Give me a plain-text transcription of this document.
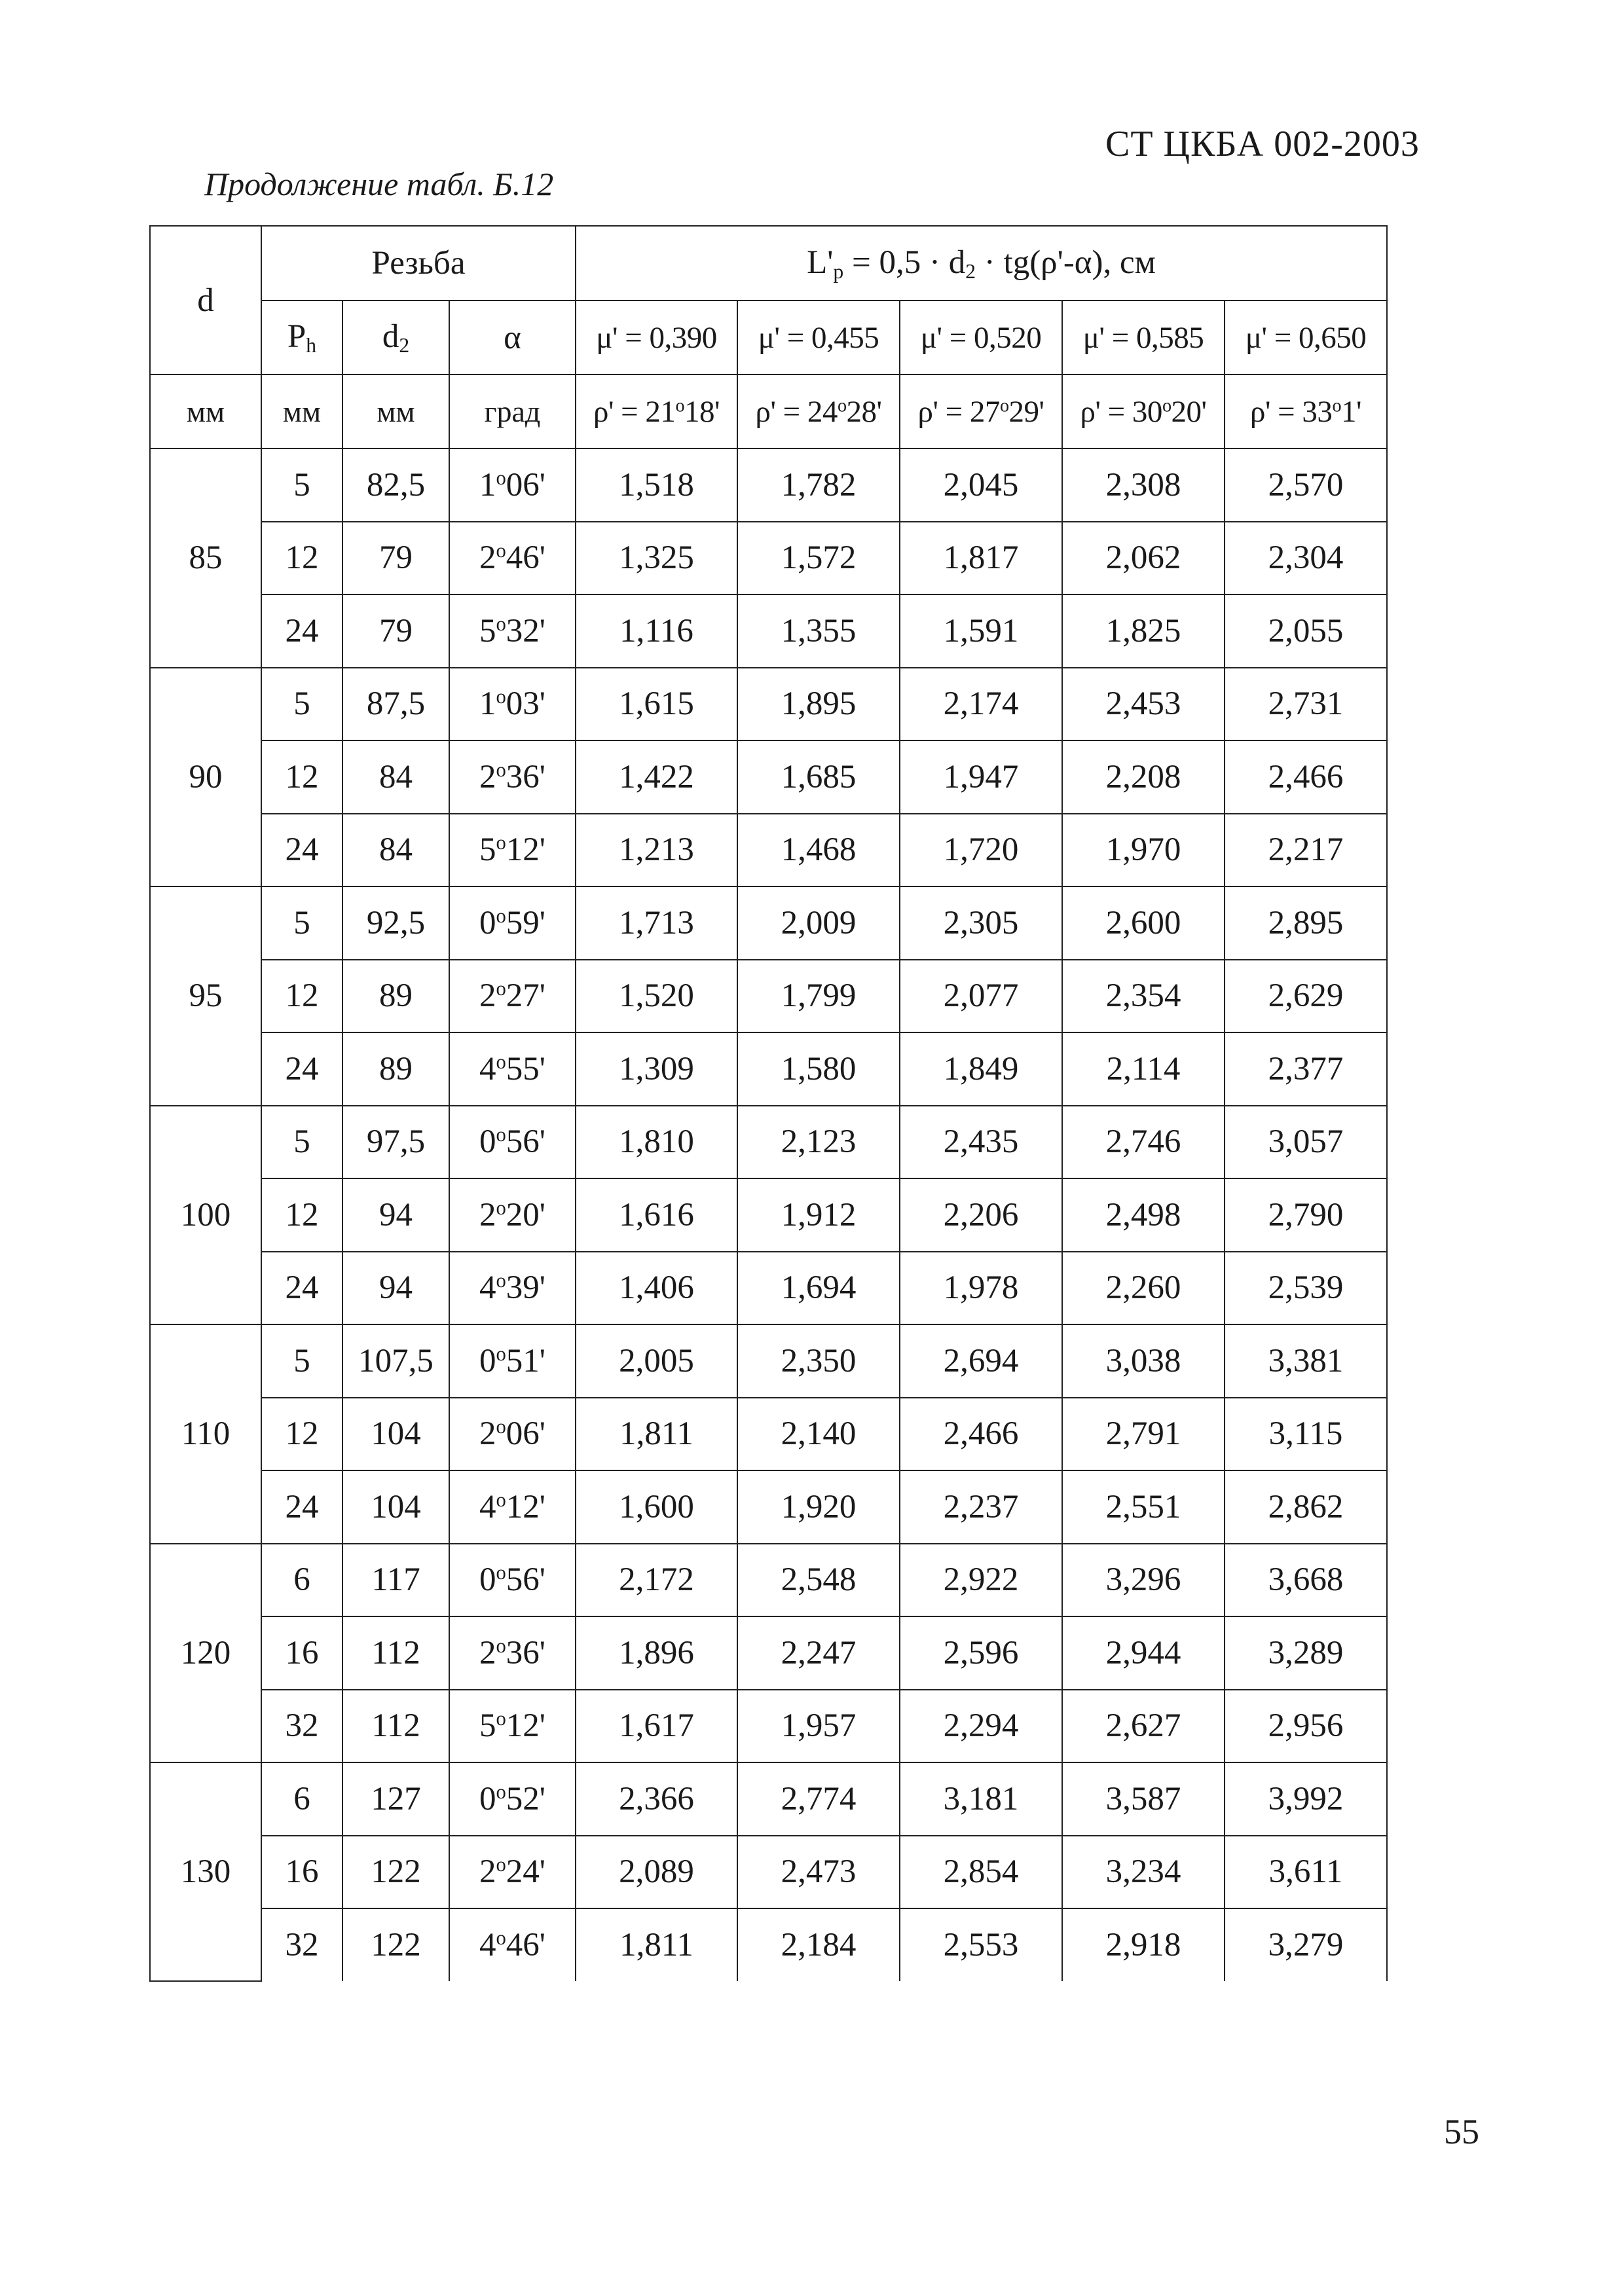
СТ ЦКБА 002-2003
Продолжение табл. Б.12
d	Резьба			$L'_p = 0,5 \cdot d_2 \cdot tg(\rho'-\alpha)$, см				
	$P_h$	$d_2$	α	μ' = 0,390	μ' = 0,455	μ' = 0,520	μ' = 0,585	μ' = 0,650
мм	мм	мм	град	$\rho' = 21^o18'$	$\rho' = 24^o28'$	$\rho' = 27^o29'$	$\rho' = 30^o20'$	$\rho' = 33^o1'$
85	5	82,5	1$^o$06'	1,518	1,782	2,045	2,308	2,570
	12	79	2$^o$46'	1,325	1,572	1,817	2,062	2,304
	24	79	5$^o$32'	1,116	1,355	1,591	1,825	2,055
90	5	87,5	1$^o$03'	1,615	1,895	2,174	2,453	2,731
	12	84	2$^o$36'	1,422	1,685	1,947	2,208	2,466
	24	84	5$^o$12'	1,213	1,468	1,720	1,970	2,217
95	5	92,5	0$^o$59'	1,713	2,009	2,305	2,600	2,895
	12	89	2$^o$27'	1,520	1,799	2,077	2,354	2,629
	24	89	4$^o$55'	1,309	1,580	1,849	2,114	2,377
100	5	97,5	0$^o$56'	1,810	2,123	2,435	2,746	3,057
	12	94	2$^o$20'	1,616	1,912	2,206	2,498	2,790
	24	94	4$^o$39'	1,406	1,694	1,978	2,260	2,539
110	5	107,5	0$^o$51'	2,005	2,350	2,694	3,038	3,381
	12	104	2$^o$06'	1,811	2,140	2,466	2,791	3,115
	24	104	4$^o$12'	1,600	1,920	2,237	2,551	2,862
120	6	117	0$^o$56'	2,172	2,548	2,922	3,296	3,668
	16	112	2$^o$36'	1,896	2,247	2,596	2,944	3,289
	32	112	5$^o$12'	1,617	1,957	2,294	2,627	2,956
130	6	127	0$^o$52'	2,366	2,774	3,181	3,587	3,992
	16	122	2$^o$24'	2,089	2,473	2,854	3,234	3,611
	32	122	4$^o$46'	1,811	2,184	2,553	2,918	3,279
55
